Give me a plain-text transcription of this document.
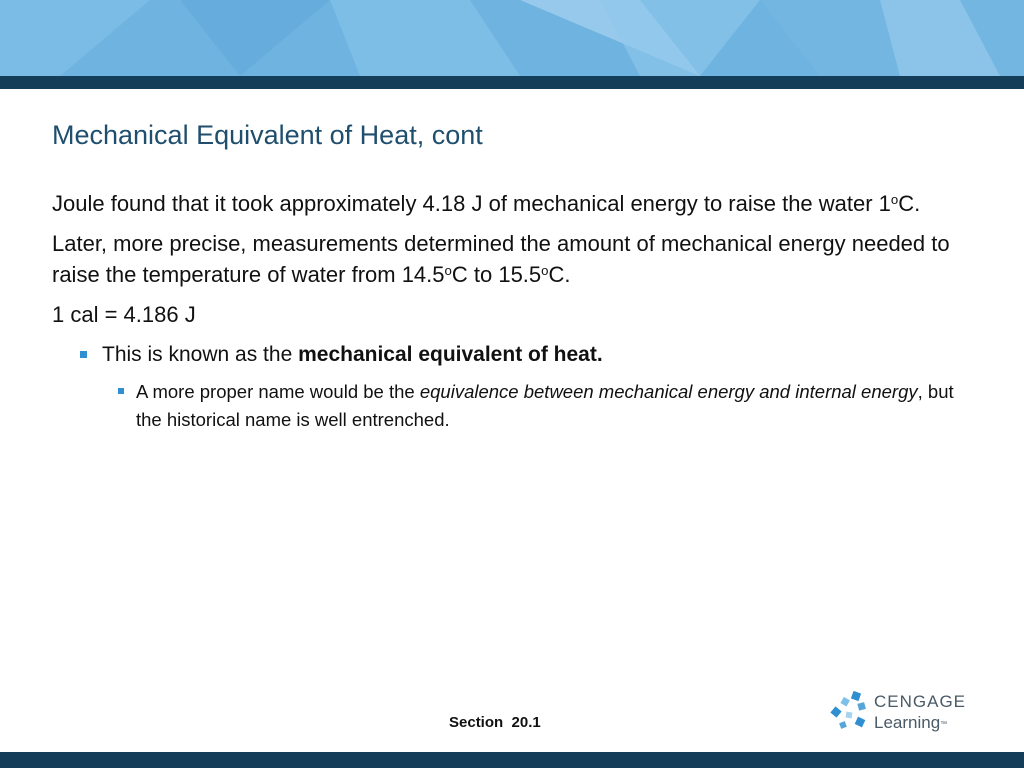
Mechanical Equivalent of Heat, cont

Joule found that it took approximately 4.18 J of mechanical energy to raise the water 1$^o$C.

Later, more precise, measurements determined the amount of mechanical energy needed to raise the temperature of water from 14.5$^o$C to 15.5$^o$C.

1 cal = 4.186 J

This is known as the mechanical equivalent of heat.
A more proper name would be the equivalence between mechanical energy and internal energy, but the historical name is well entrenched.
Section  20.1
CENGAGE
Learning™
